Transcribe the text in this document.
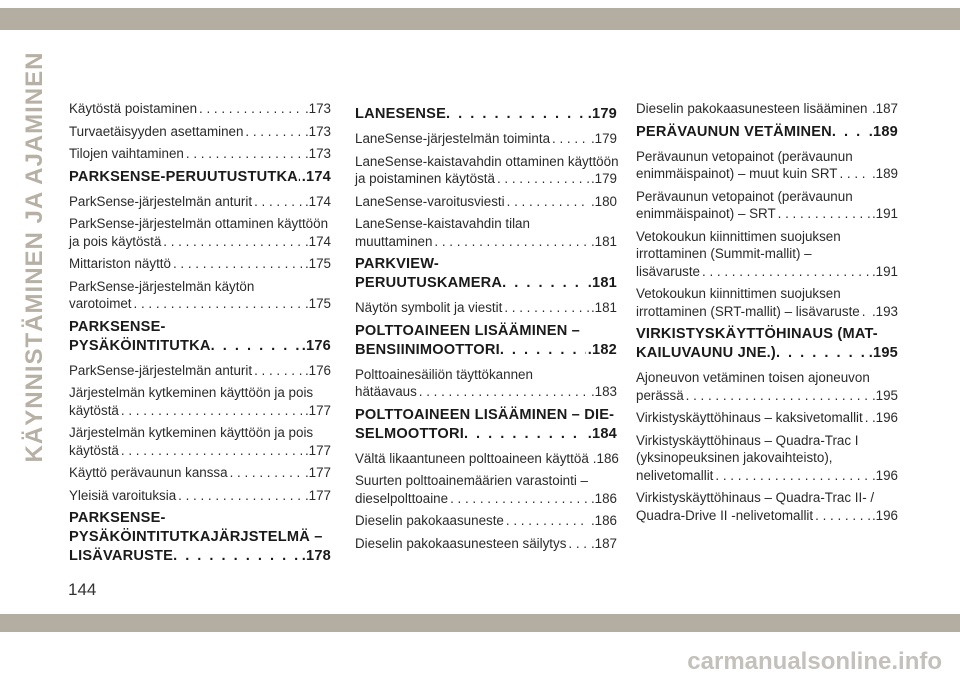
KÄYNNISTÄMINEN JA AJAMINEN Käytöstä poistaminen . . .	.173
Turvaetäisyyden asettaminen . . .	.173
Tilojen vaihtaminen . . .	.173
PARKSENSE-PERUUTUSTUTKA . . . .174
ParkSense-järjestelmän anturit . . .	.174
ParkSense-järjestelmän ottaminen käyttöön
ja pois käytöstä . . .	.174
Mittariston näyttö . . .	.175
ParkSense-järjestelmän käytön
varotoimet . . .	.175
PARKSENSE-
PYSÄKÖINTITUTKA . . .	.176
ParkSense-järjestelmän anturit . . .	.176
Järjestelmän kytkeminen käyttöön ja pois
käytöstä . . .	.177
Järjestelmän kytkeminen käyttöön ja pois
käytöstä . . .	.177
Käyttö perävaunun kanssa . . .	.177
Yleisiä varoituksia . . .	.177
PARKSENSE-
PYSÄKÖINTITUTKAJÄRJSTELMÄ –
LISÄVARUSTE . . .	.178
LANESENSE . . .	.179
LaneSense-järjestelmän toiminta . . .	.179
LaneSense-kaistavahdin ottaminen käyttöön
ja poistaminen käytöstä . . .	.179
LaneSense-varoitusviesti . . .	.180
LaneSense-kaistavahdin tilan
muuttaminen . . .	.181
PARKVIEW-
PERUUTUSKAMERA . . .	.181
Näytön symbolit ja viestit . . .	.181
POLTTOAINEEN LISÄÄMINEN –
BENSIINIMOOTTORI . . .	.182
Polttoainesäiliön täyttökannen
hätäavaus . . .	.183
POLTTOAINEEN LISÄÄMINEN – DIE-
SELMOOTTORI . . .	.184
Vältä likaantuneen polttoaineen käyttöä . . . .186
Suurten polttoainemäärien varastointi –
dieselpolttoaine . . .	.186
Dieselin pakokaasuneste . . .	.186
Dieselin pakokaasunesteen säilytys . . . .187
Dieselin pakokaasunesteen lisääminen . . . .187
PERÄVAUNUN VETÄMINEN . . .	.189
Perävaunun vetopainot (perävaunun
enimmäispainot) – muut kuin SRT . . .	.189
Perävaunun vetopainot (perävaunun
enimmäispainot) – SRT . . .	.191
Vetokoukun kiinnittimen suojuksen
irrottaminen (Summit-mallit) –
lisävaruste . . .	.191
Vetokoukun kiinnittimen suojuksen
irrottaminen (SRT-mallit) – lisävaruste . . . .193
VIRKISTYSKÄYTTÖHINAUS (MAT-
KAILUVAUNU JNE.) . . .	.195
Ajoneuvon vetäminen toisen ajoneuvon
perässä . . .	.195
Virkistyskäyttöhinaus – kaksivetomallit . . . .196
Virkistyskäyttöhinaus – Quadra-Trac I
(yksinopeuksinen jakovaihteisto),
nelivetomallit . . .	.196
Virkistyskäyttöhinaus – Quadra-Trac II- /
Quadra-Drive II -nelivetomallit . . .	.196
144
carmanualsonline.info
